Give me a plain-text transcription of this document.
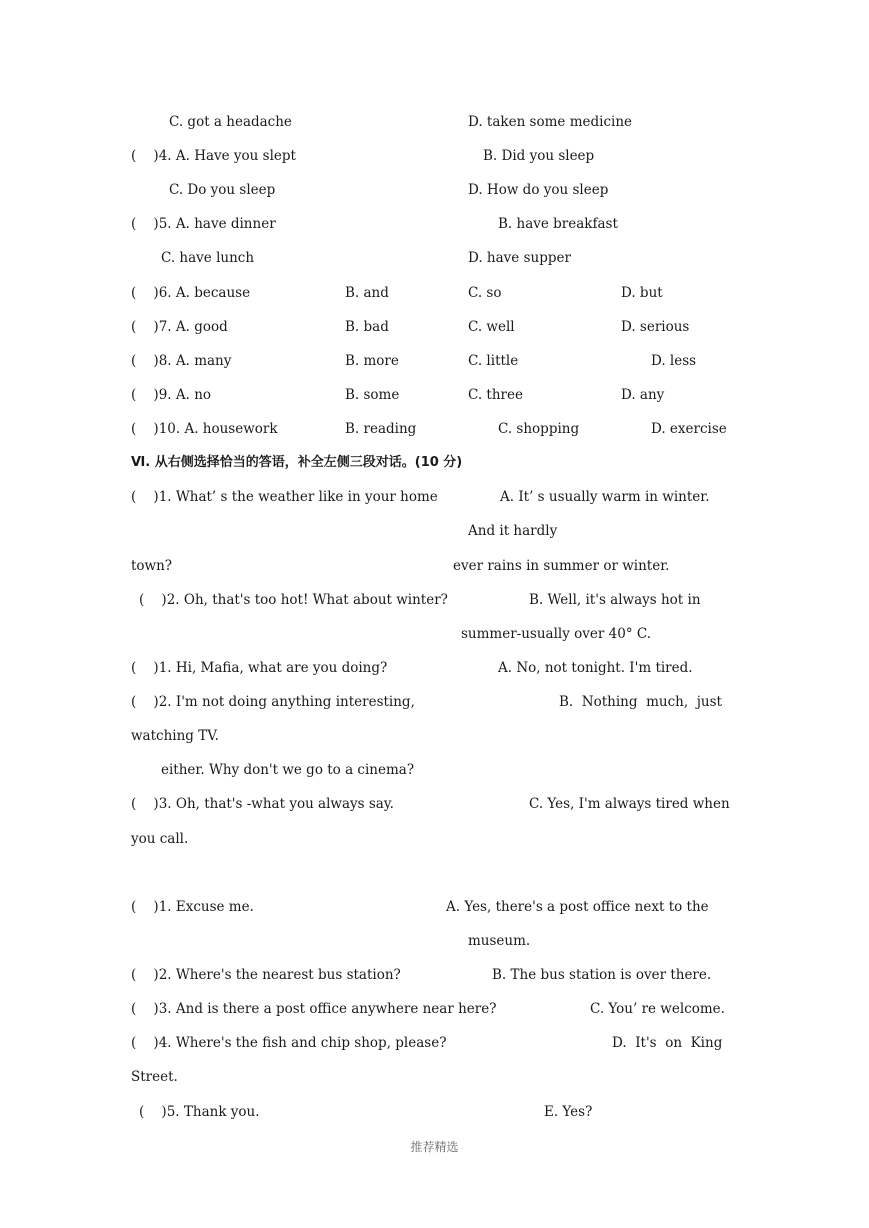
C. got a headache	D. taken some medicine
(    )4. A. Have you slept	B. Did you sleep
C. Do you sleep	D. How do you sleep
(    )5. A. have dinner	B. have breakfast
C. have lunch	D. have supper
(    )6. A. because	B. and	C. so	D. but
(    )7. A. good	B. bad	C. well	D. serious
(    )8. A. many	B. more	C. little	D. less
(    )9. A. no	B. some	C. three	D. any
(    )10. A. housework	B. reading	C. shopping	D. exercise
(    )1. What’ s the weather like in your home	A. It’ s usually warm in winter.
And it hardly
town?	ever rains in summer or winter.
(    )2. Oh, that's too hot! What about winter?	B. Well, it's always hot in
summer-usually over 40° C.
(    )1. Hi, Mafia, what are you doing?	A. No, not tonight. I'm tired.
(    )2. I'm not doing anything interesting,	B.  Nothing  much,  just
watching TV.
either. Why don't we go to a cinema?
(    )3. Oh, that's -what you always say.	C. Yes, I'm always tired when
you call.
(    )1. Excuse me.	A. Yes, there's a post office next to the
museum.
(    )2. Where's the nearest bus station?	B. The bus station is over there.
(    )3. And is there a post office anywhere near here?	C. You’ re welcome.
(    )4. Where's the fish and chip shop, please?	D.  It's  on  King
Street.
(    )5. Thank you.	E. Yes?
Ⅵ. 从右侧选择恰当的答语，补全左侧三段对话。(10 分)
推荐精选
